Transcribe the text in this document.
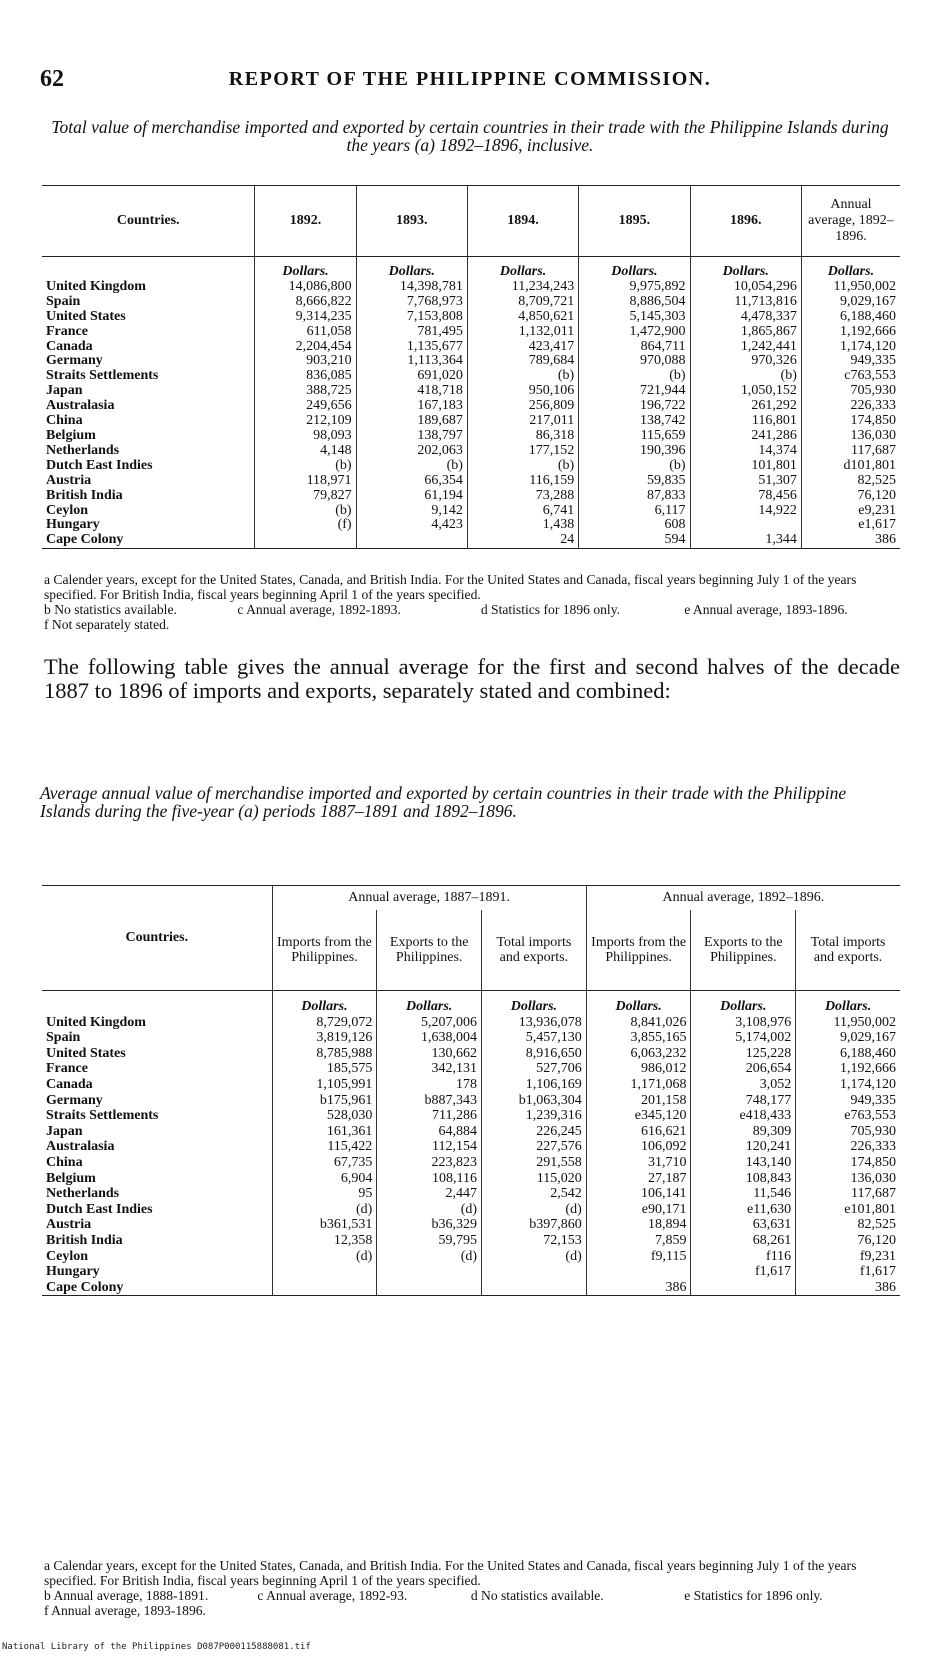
62	REPORT OF THE PHILIPPINE COMMISSION.
Total value of merchandise imported and exported by certain countries in their trade with the Philippine Islands during the years (a) 1892–1896, inclusive.
Countries.	1892.	1893.	1894.	1895.	1896.	Annual average, 1892–1896.
	Dollars.	Dollars.	Dollars.	Dollars.	Dollars.	Dollars.
United Kingdom	14,086,800	14,398,781	11,234,243	9,975,892	10,054,296	11,950,002
Spain	8,666,822	7,768,973	8,709,721	8,886,504	11,713,816	9,029,167
United States	9,314,235	7,153,808	4,850,621	5,145,303	4,478,337	6,188,460
France	611,058	781,495	1,132,011	1,472,900	1,865,867	1,192,666
Canada	2,204,454	1,135,677	423,417	864,711	1,242,441	1,174,120
Germany	903,210	1,113,364	789,684	970,088	970,326	949,335
Straits Settlements	836,085	691,020	(b)	(b)	(b)	c763,553
Japan	388,725	418,718	950,106	721,944	1,050,152	705,930
Australasia	249,656	167,183	256,809	196,722	261,292	226,333
China	212,109	189,687	217,011	138,742	116,801	174,850
Belgium	98,093	138,797	86,318	115,659	241,286	136,030
Netherlands	4,148	202,063	177,152	190,396	14,374	117,687
Dutch East Indies	(b)	(b)	(b)	(b)	101,801	d101,801
Austria	118,971	66,354	116,159	59,835	51,307	82,525
British India	79,827	61,194	73,288	87,833	78,456	76,120
Ceylon	(b)	9,142	6,741	6,117	14,922	e9,231
Hungary	(f)	4,423	1,438	608		e1,617
Cape Colony			24	594	1,344	386
a Calender years, except for the United States, Canada, and British India. For the United States and Canada, fiscal years beginning July 1 of the years specified. For British India, fiscal years beginning April 1 of the years specified.
b No statistics available.	c Annual average, 1892-1893.	d Statistics for 1896 only.	e Annual average, 1893-1896. f Not separately stated.
The following table gives the annual average for the first and second halves of the decade 1887 to 1896 of imports and exports, separately stated and combined:
Average annual value of merchandise imported and exported by certain countries in their trade with the Philippine Islands during the five-year (a) periods 1887–1891 and 1892–1896.
Countries.	Annual average, 1887–1891.			Annual average, 1892–1896.		
	Imports from the Philippines.	Exports to the Philippines.	Total imports and exports.	Imports from the Philippines.	Exports to the Philippines.	Total imports and exports.
	Dollars.	Dollars.	Dollars.	Dollars.	Dollars.	Dollars.
United Kingdom	8,729,072	5,207,006	13,936,078	8,841,026	3,108,976	11,950,002
Spain	3,819,126	1,638,004	5,457,130	3,855,165	5,174,002	9,029,167
United States	8,785,988	130,662	8,916,650	6,063,232	125,228	6,188,460
France	185,575	342,131	527,706	986,012	206,654	1,192,666
Canada	1,105,991	178	1,106,169	1,171,068	3,052	1,174,120
Germany	b175,961	b887,343	b1,063,304	201,158	748,177	949,335
Straits Settlements	528,030	711,286	1,239,316	e345,120	e418,433	e763,553
Japan	161,361	64,884	226,245	616,621	89,309	705,930
Australasia	115,422	112,154	227,576	106,092	120,241	226,333
China	67,735	223,823	291,558	31,710	143,140	174,850
Belgium	6,904	108,116	115,020	27,187	108,843	136,030
Netherlands	95	2,447	2,542	106,141	11,546	117,687
Dutch East Indies	(d)	(d)	(d)	e90,171	e11,630	e101,801
Austria	b361,531	b36,329	b397,860	18,894	63,631	82,525
British India	12,358	59,795	72,153	7,859	68,261	76,120
Ceylon	(d)	(d)	(d)	f9,115	f116	f9,231
Hungary					f1,617	f1,617
Cape Colony				386		386
a Calendar years, except for the United States, Canada, and British India. For the United States and Canada, fiscal years beginning July 1 of the years specified. For British India, fiscal years beginning April 1 of the years specified.
b Annual average, 1888-1891.	c Annual average, 1892-93.	d No statistics available.	e Statistics for 1896 only. f Annual average, 1893-1896.
National Library of the Philippines D087P000115888081.tif
